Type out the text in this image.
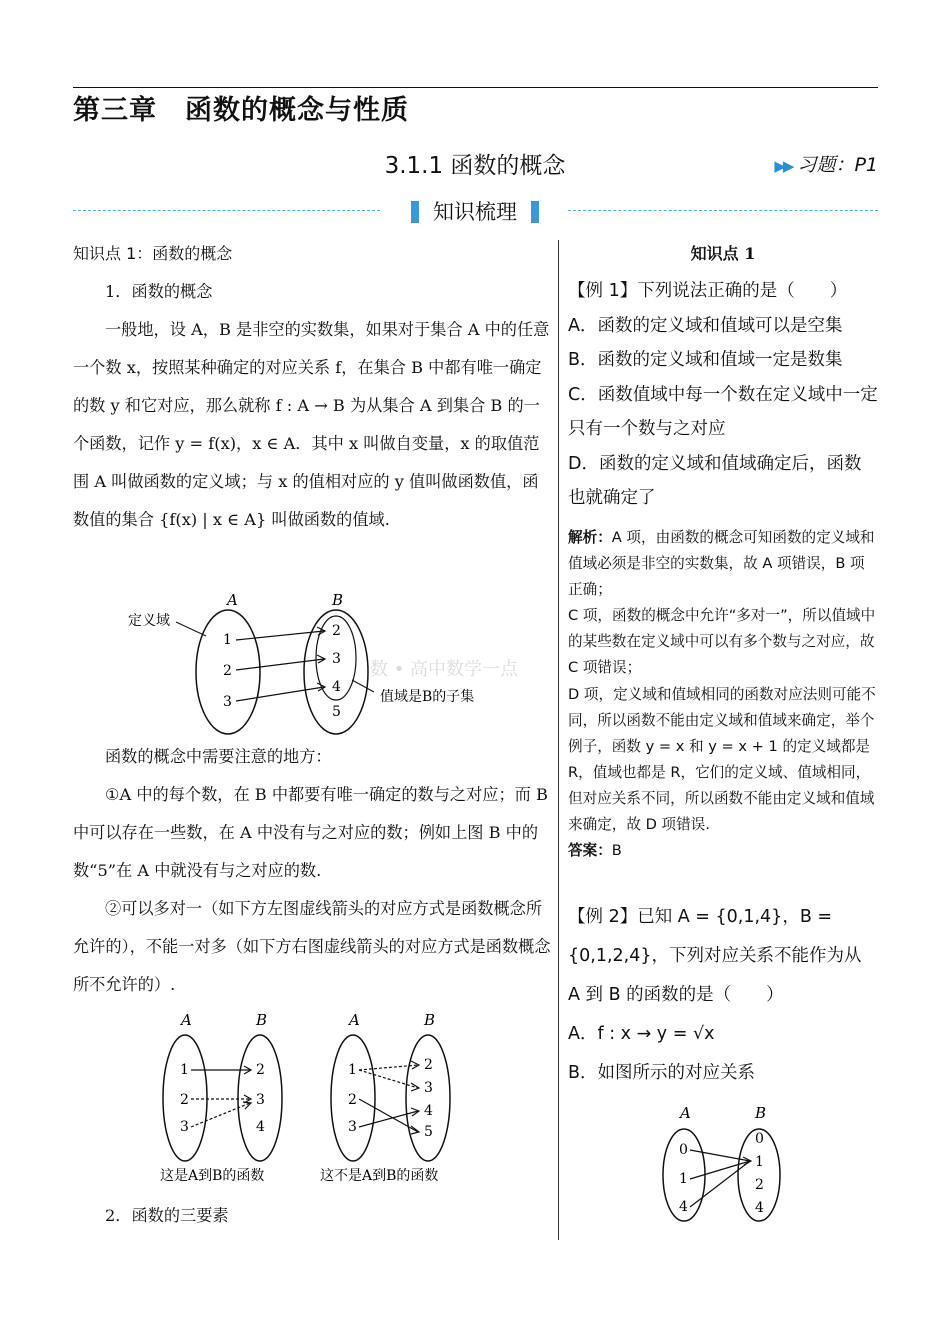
第三章　函数的概念与性质
3.1.1 函数的概念	▶▶ 习题：P1
知识梳理

知识点 1：函数的概念

1．函数的概念

一般地，设 A，B 是非空的实数集，如果对于集合 A 中的任意一个数 x，按照某种确定的对应关系 f，在集合 B 中都有唯一确定的数 y 和它对应，那么就称 f : A → B 为从集合 A 到集合 B 的一个函数，记作 y = f(x)，x ∈ A．其中 x 叫做自变量，x 的取值范围 A 叫做函数的定义域；与 x 的值相对应的 y 值叫做函数值，函数值的集合 {f(x) | x ∈ A} 叫做函数的值域.

A	B
定义域
1
2
3
2
3
4
5
值域是B的子集

函数的概念中需要注意的地方：

①A 中的每个数，在 B 中都要有唯一确定的数与之对应；而 B 中可以存在一些数，在 A 中没有与之对应的数；例如上图 B 中的数“5”在 A 中就没有与之对应的数.

②可以多对一（如下方左图虚线箭头的对应方式是函数概念所允许的），不能一对多（如下方右图虚线箭头的对应方式是函数概念所不允许的）.

A	B
1
2
3
2
3
4
这是A到B的函数
A	B
1
2
3
2
3
4
5
这不是A到B的函数

2．函数的三要素

知识点 1

【例 1】下列说法正确的是（　　）

A．函数的定义域和值域可以是空集

B．函数的定义域和值域一定是数集

C．函数值域中每一个数在定义域中一定只有一个数与之对应

D．函数的定义域和值域确定后，函数也就确定了

解析：A 项，由函数的概念可知函数的定义域和值域必须是非空的实数集，故 A 项错误，B 项正确；

C 项，函数的概念中允许“多对一”，所以值域中的某些数在定义域中可以有多个数与之对应，故 C 项错误；

D 项，定义域和值域相同的函数对应法则可能不同，所以函数不能由定义域和值域来确定，举个例子，函数 y = x 和 y = x + 1 的定义域都是 R，值域也都是 R，它们的定义域、值域相同，但对应关系不同，所以函数不能由定义域和值域来确定，故 D 项错误.

答案：B

【例 2】已知 A = {0,1,4}，B = {0,1,2,4}，下列对应关系不能作为从 A 到 B 的函数的是（　　）

A．f : x → y = √x

B．如图所示的对应关系

A	B
0
1
4
0
1
2
4
数 • 高中数学一点
